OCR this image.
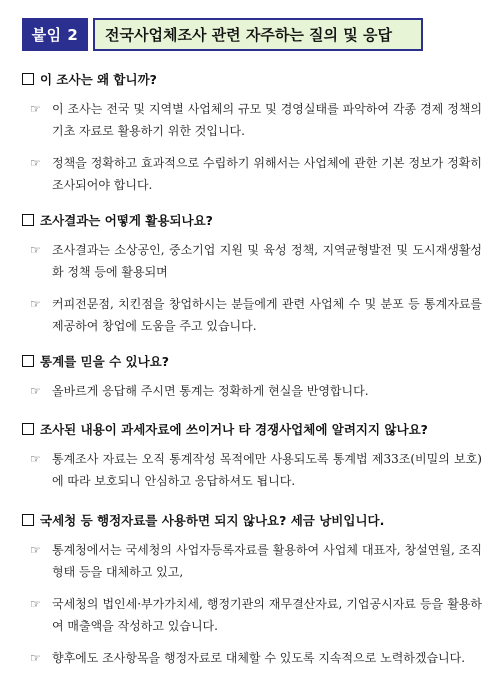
붙임 2	전국사업체조사 관련 자주하는 질의 및 응답
이 조사는 왜 합니까?
☞ 이 조사는 전국 및 지역별 사업체의 규모 및 경영실태를 파악하여 각종 경제 정책의 기초 자료로 활용하기 위한 것입니다.
☞ 정책을 정확하고 효과적으로 수립하기 위해서는 사업체에 관한 기본 정보가 정확히 조사되어야 합니다.
조사결과는 어떻게 활용되나요?
☞ 조사결과는 소상공인, 중소기업 지원 및 육성 정책, 지역균형발전 및 도시재생활성화 정책 등에 활용되며
☞ 커피전문점, 치킨점을 창업하시는 분들에게 관련 사업체 수 및 분포 등 통계자료를 제공하여 창업에 도움을 주고 있습니다.
통계를 믿을 수 있나요?
☞ 올바르게 응답해 주시면 통계는 정확하게 현실을 반영합니다.
조사된 내용이 과세자료에 쓰이거나 타 경쟁사업체에 알려지지 않나요?
☞ 통계조사 자료는 오직 통계작성 목적에만 사용되도록 통계법 제33조(비밀의 보호)에 따라 보호되니 안심하고 응답하셔도 됩니다.
국세청 등 행정자료를 사용하면 되지 않나요? 세금 낭비입니다.
☞ 통계청에서는 국세청의 사업자등록자료를 활용하여 사업체 대표자, 창설연월, 조직형태 등을 대체하고 있고,
☞ 국세청의 법인세·부가가치세, 행정기관의 재무결산자료, 기업공시자료 등을 활용하여 매출액을 작성하고 있습니다.
☞ 향후에도 조사항목을 행정자료로 대체할 수 있도록 지속적으로 노력하겠습니다.
